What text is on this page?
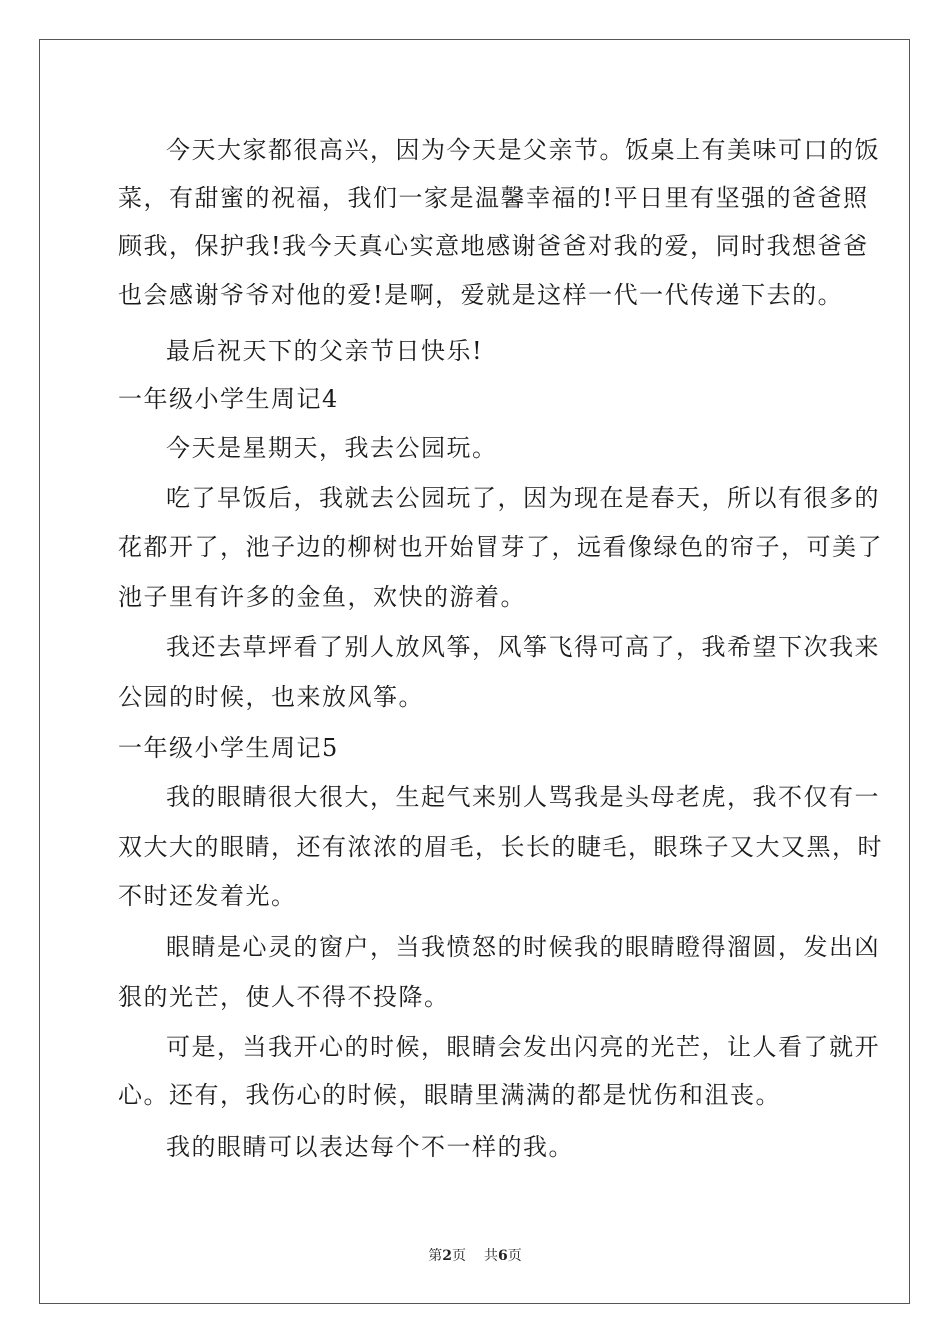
今天大家都很高兴，因为今天是父亲节。饭桌上有美味可口的饭
菜，有甜蜜的祝福，我们一家是温馨幸福的!平日里有坚强的爸爸照
顾我，保护我!我今天真心实意地感谢爸爸对我的爱，同时我想爸爸
也会感谢爷爷对他的爱!是啊，爱就是这样一代一代传递下去的。
最后祝天下的父亲节日快乐!
一年级小学生周记4
今天是星期天，我去公园玩。
吃了早饭后，我就去公园玩了，因为现在是春天，所以有很多的
花都开了，池子边的柳树也开始冒芽了，远看像绿色的帘子，可美了
池子里有许多的金鱼，欢快的游着。
我还去草坪看了别人放风筝，风筝飞得可高了，我希望下次我来
公园的时候，也来放风筝。
一年级小学生周记5
我的眼睛很大很大，生起气来别人骂我是头母老虎，我不仅有一
双大大的眼睛，还有浓浓的眉毛，长长的睫毛，眼珠子又大又黑，时
不时还发着光。
眼睛是心灵的窗户，当我愤怒的时候我的眼睛瞪得溜圆，发出凶
狠的光芒，使人不得不投降。
可是，当我开心的时候，眼睛会发出闪亮的光芒，让人看了就开
心。还有，我伤心的时候，眼睛里满满的都是忧伤和沮丧。
我的眼睛可以表达每个不一样的我。
第2页 共6页
